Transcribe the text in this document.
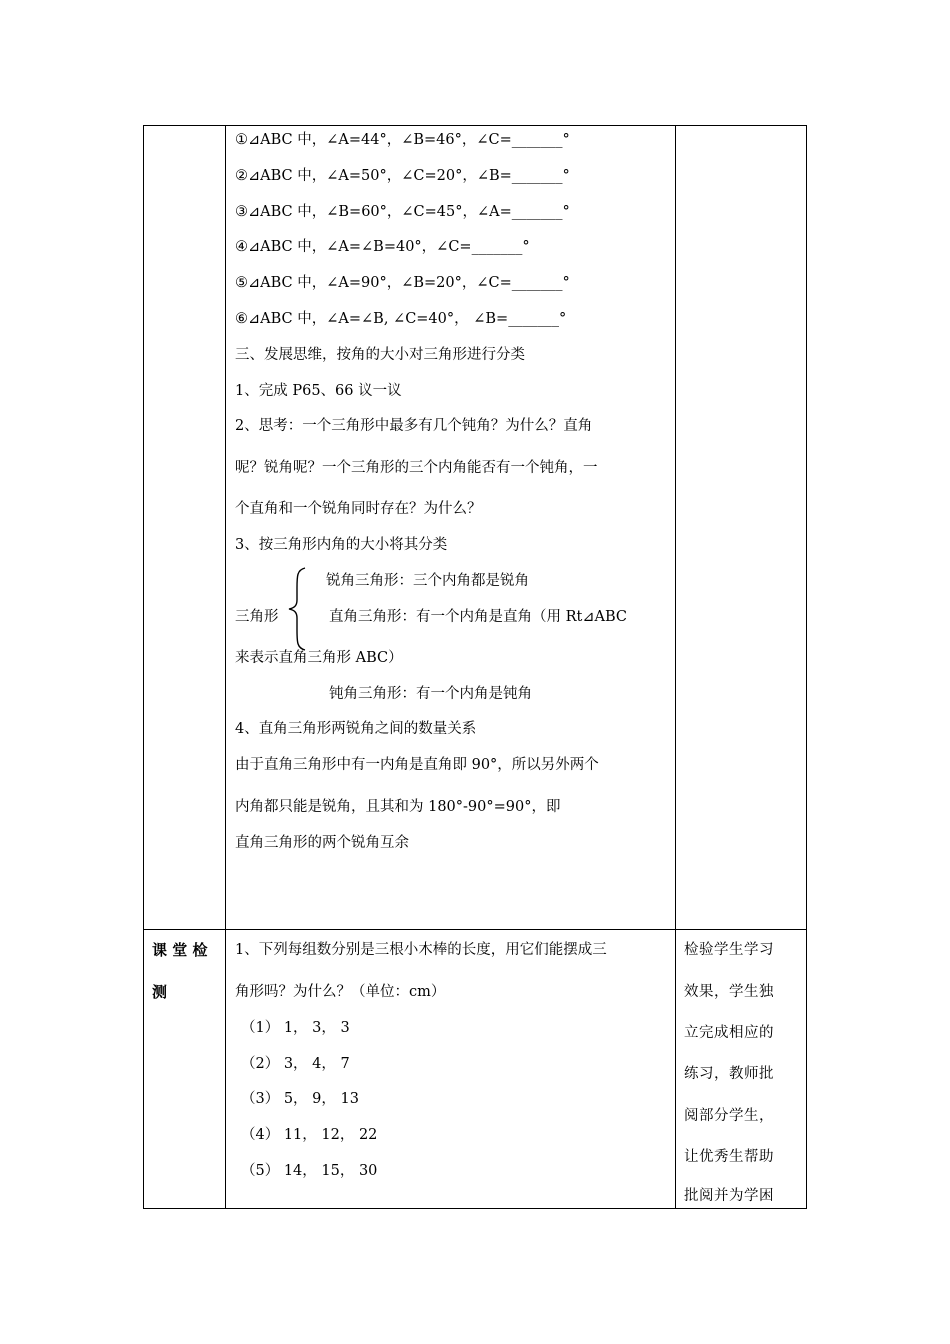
①⊿ABC 中，∠A=44°，∠B=46°，∠C=_______°
②⊿ABC 中，∠A=50°，∠C=20°，∠B=_______°
③⊿ABC 中，∠B=60°，∠C=45°，∠A=_______°
④⊿ABC 中，∠A=∠B=40°，∠C=_______°
⑤⊿ABC 中，∠A=90°，∠B=20°，∠C=_______°
⑥⊿ABC 中，∠A=∠B, ∠C=40°， ∠B=_______°
三、发展思维，按角的大小对三角形进行分类
1、完成 P65、66 议一议
2、思考：一个三角形中最多有几个钝角？为什么？直角
呢？锐角呢？一个三角形的三个内角能否有一个钝角，一
个直角和一个锐角同时存在？为什么？
3、按三角形内角的大小将其分类
锐角三角形：三个内角都是锐角
三角形	直角三角形：有一个内角是直角（用 Rt⊿ABC
来表示直角三角形 ABC）
钝角三角形：有一个内角是钝角
4、直角三角形两锐角之间的数量关系
由于直角三角形中有一内角是直角即 90°，所以另外两个
内角都只能是锐角，且其和为 180°-90°=90°，即
直角三角形的两个锐角互余
课 堂 检
测
1、下列每组数分别是三根小木棒的长度，用它们能摆成三
角形吗？为什么？（单位：cm）
（1） 1， 3， 3
（2） 3， 4， 7
（3） 5， 9， 13
（4） 11， 12， 22
（5） 14， 15， 30
检验学生学习
效果，学生独
立完成相应的
练习，教师批
阅部分学生，
让优秀生帮助
批阅并为学困
